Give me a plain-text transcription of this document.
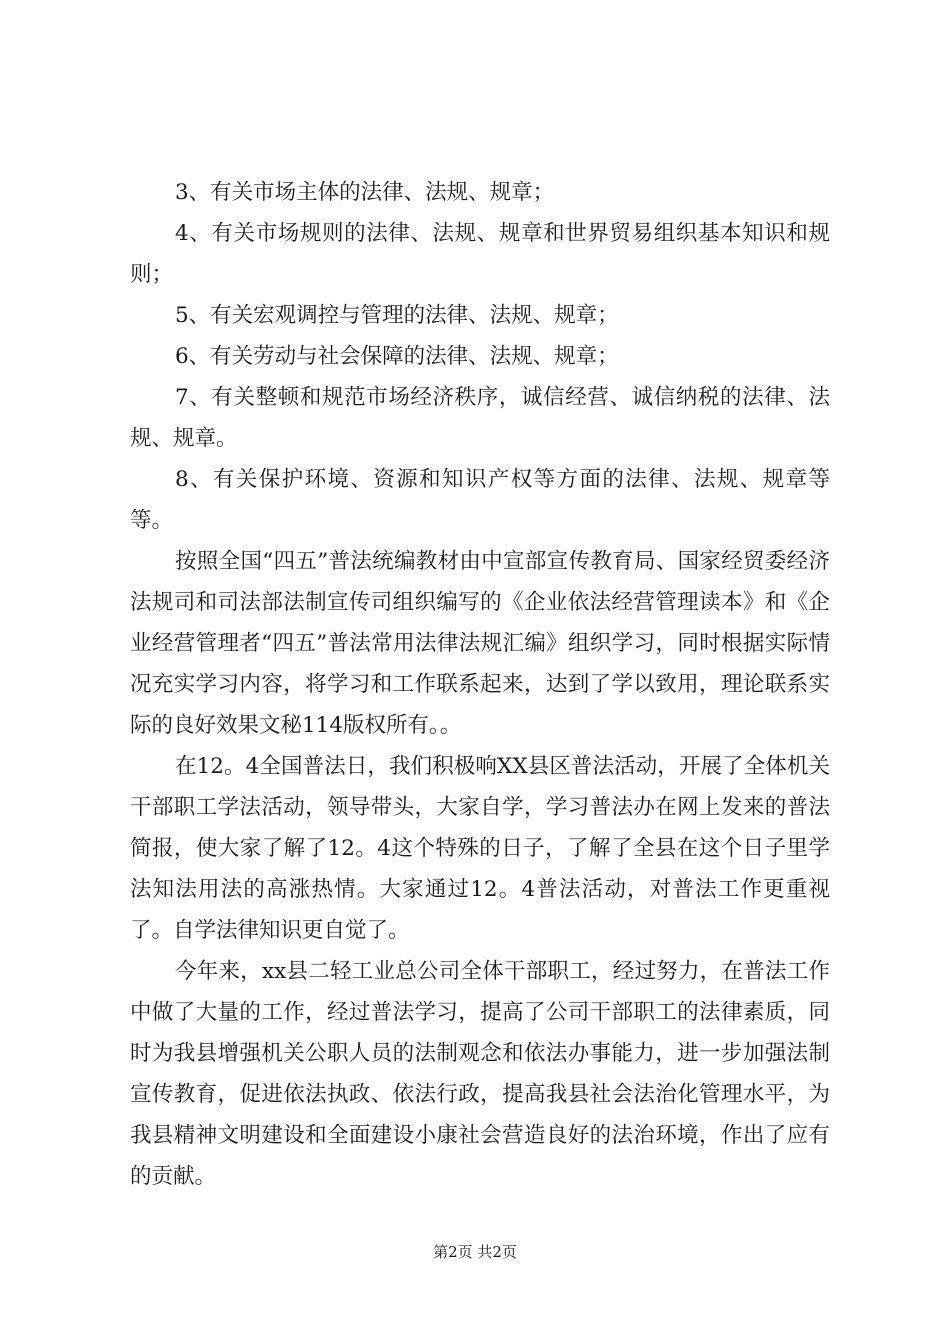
3、有关市场主体的法律、法规、规章；

4、有关市场规则的法律、法规、规章和世界贸易组织基本知识和规则；

5、有关宏观调控与管理的法律、法规、规章；

6、有关劳动与社会保障的法律、法规、规章；

7、有关整顿和规范市场经济秩序，诚信经营、诚信纳税的法律、法规、规章。

8、有关保护环境、资源和知识产权等方面的法律、法规、规章等等。

按照全国“四五”普法统编教材由中宣部宣传教育局、国家经贸委经济法规司和司法部法制宣传司组织编写的《企业依法经营管理读本》和《企业经营管理者“四五”普法常用法律法规汇编》组织学习，同时根据实际情况充实学习内容，将学习和工作联系起来，达到了学以致用，理论联系实际的良好效果文秘114版权所有。。

在12。4全国普法日，我们积极响XX县区普法活动，开展了全体机关干部职工学法活动，领导带头，大家自学，学习普法办在网上发来的普法简报，使大家了解了12。4这个特殊的日子，了解了全县在这个日子里学法知法用法的高涨热情。大家通过12。4普法活动，对普法工作更重视了。自学法律知识更自觉了。

今年来，xx县二轻工业总公司全体干部职工，经过努力，在普法工作中做了大量的工作，经过普法学习，提高了公司干部职工的法律素质，同时为我县增强机关公职人员的法制观念和依法办事能力，进一步加强法制宣传教育，促进依法执政、依法行政，提高我县社会法治化管理水平，为我县精神文明建设和全面建设小康社会营造良好的法治环境，作出了应有的贡献。

第2页 共2页
